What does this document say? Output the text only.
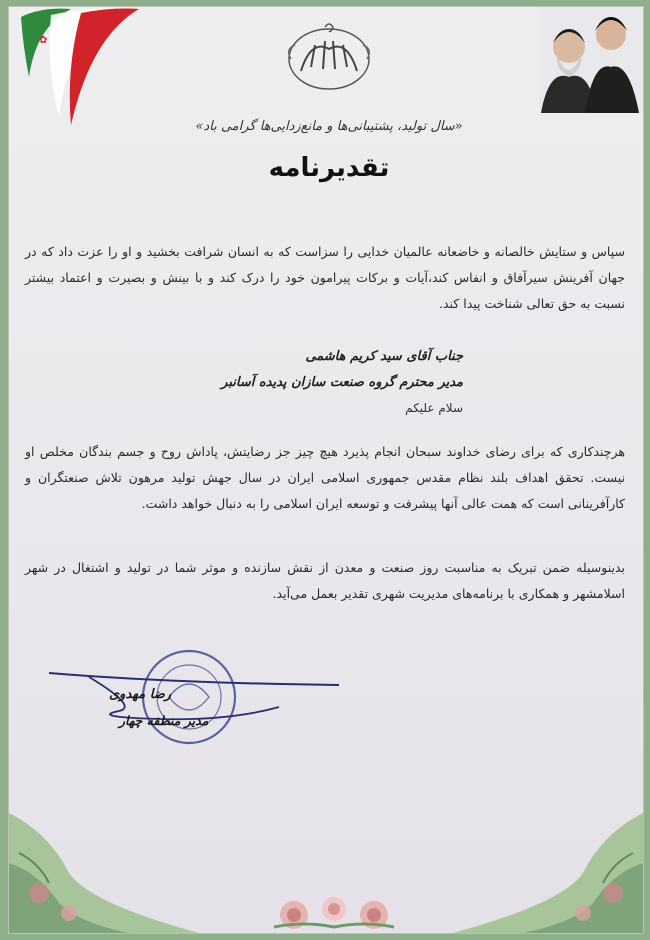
✿
«سال تولید، پشتیبانی‌ها و مانع‌زدایی‌ها گرامی باد»
تقدیرنامه
سپاس و ستایش خالصانه و خاضعانه عالمیان خدایی را سزاست که به انسان شرافت بخشید و او را عزت داد که در جهان آفرینش سیرآفاق و انفاس کند،آیات و برکات پیرامون خود را درک کند و با بینش و بصیرت و اعتماد بیشتر نسبت به حق تعالی شناخت پیدا کند.
جناب آقای سید کریم هاشمی
مدیر محترم گروه صنعت سازان پدیده آسانبر
سلام علیکم
هرچندکاری که برای رضای خداوند سبحان انجام پذیرد هیچ چیز جز رضایتش، پاداش روح و جسم بندگان مخلص او نیست. تحقق اهداف بلند نظام مقدس جمهوری اسلامی ایران در سال جهش تولید مرهون تلاش صنعتگران و کارآفرینانی است که همت عالی آنها پیشرفت و توسعه ایران اسلامی را به دنبال خواهد داشت.
بدینوسیله ضمن تبریک به مناسبت روز صنعت و معدن از نقش سازنده و موثر شما در تولید و اشتغال در شهر اسلامشهر و همکاری با برنامه‌های مدیریت شهری تقدیر بعمل می‌آید.
رضا مهدوی
مدیر منطقه چهار
